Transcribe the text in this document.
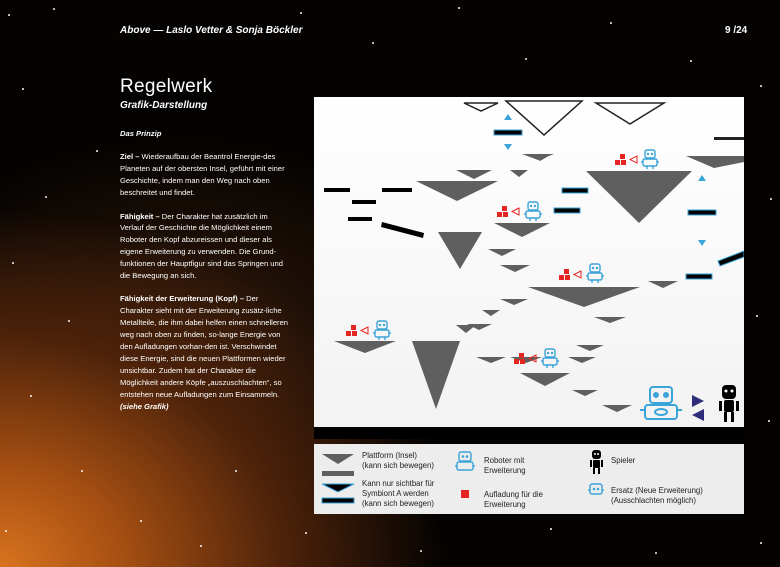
Above — Laslo Vetter & Sonja Böckler	9 /24
Regelwerk
Grafik-Darstellung

Das Prinzip

Ziel – Wiederaufbau der Beantrol Energie-des Planeten auf der obersten Insel, geführt mit einer Geschichte, indem man den Weg nach oben beschreitet und findet.

Fähigkeit – Der Charakter hat zusätzlich im Verlauf der Geschichte die Möglichkeit einem Roboter den Kopf abzureissen und dieser als eigene Erweiterung zu verwenden. Die Grund-funktionen der Hauptfigur sind das Springen und die Bewegung an sich.

Fähigkeit der Erweiterung (Kopf) – Der Charakter sieht mit der Erweiterung zusätz-liche Metallteile, die ihm dabei helfen einen schnelleren weg nach oben zu finden, so-lange Energie von den Aufladungen vorhan-den ist. Verschwindet diese Energie, sind die neuen Plattformen wieder unsichtbar. Zudem hat der Charakter die Möglichkeit andere Köpfe „auszuschlachten“, so entstehen neue Aufladungen zum Einsammeln. (siehe Grafik)

Plattform (Insel)
(kann sich bewegen)
Kann nur sichtbar für
Symbiont A werden
(kann sich bewegen)
Roboter mit
Erweiterung
Aufladung für die
Erweiterung
Spieler
Ersatz (Neue Erweiterung)
(Ausschlachten möglich)
